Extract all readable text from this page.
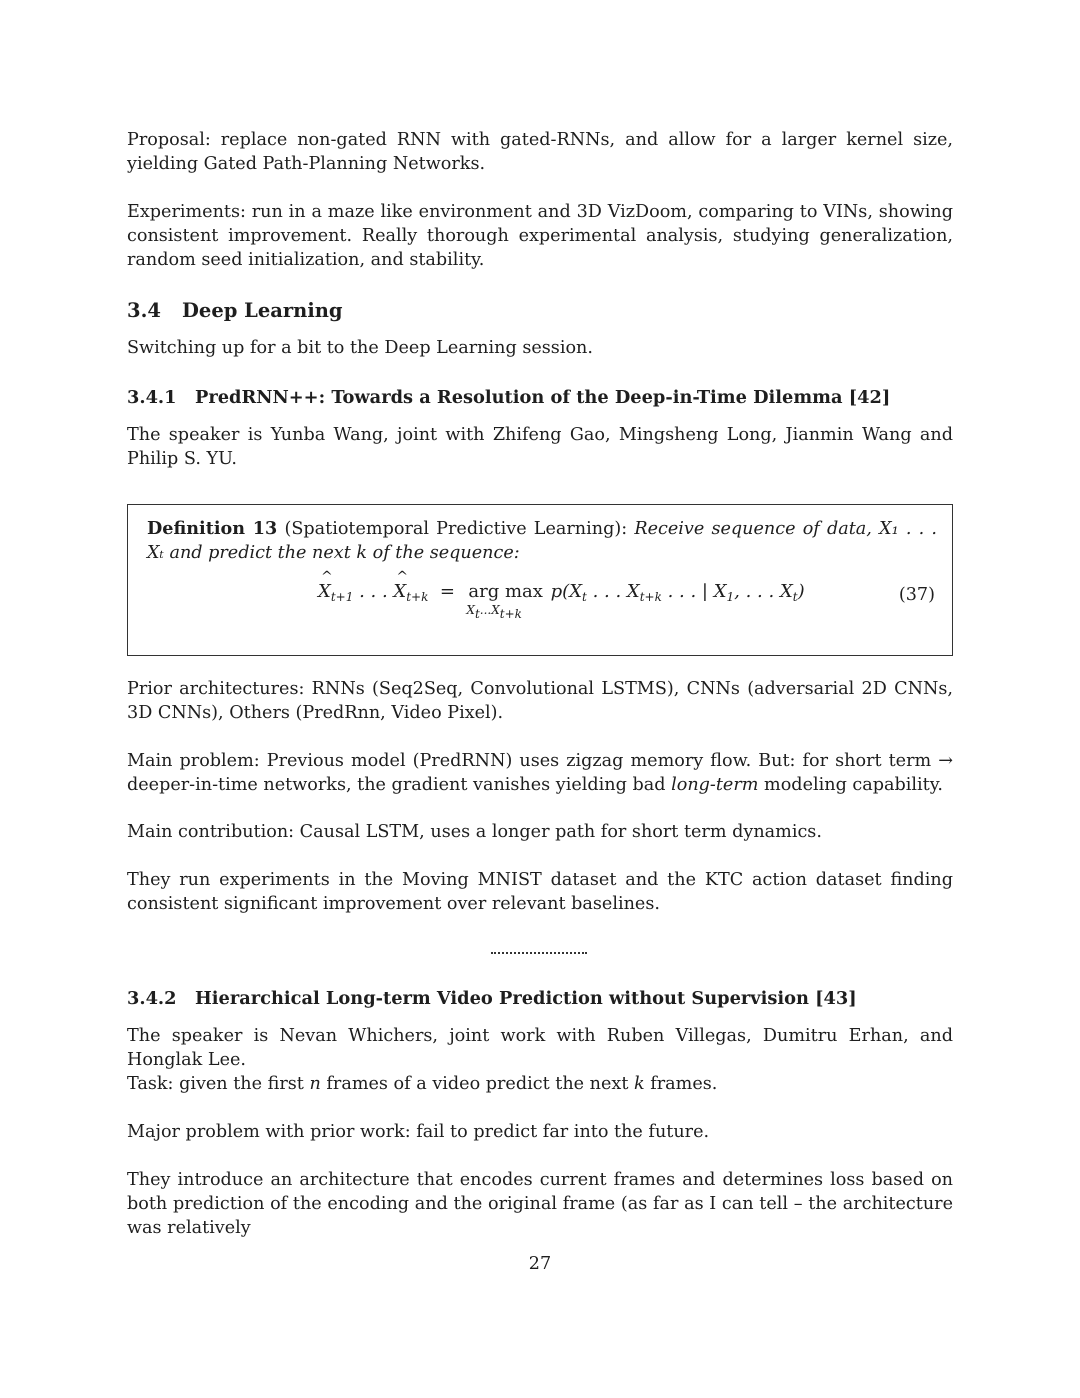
Proposal: replace non-gated RNN with gated-RNNs, and allow for a larger kernel size, yielding Gated Path-Planning Networks.

Experiments: run in a maze like environment and 3D VizDoom, comparing to VINs, showing consistent improvement. Really thorough experimental analysis, studying generalization, random seed initialization, and stability.

3.4 Deep Learning

Switching up for a bit to the Deep Learning session.

3.4.1 PredRNN++: Towards a Resolution of the Deep-in-Time Dilemma [42]

The speaker is Yunba Wang, joint with Zhifeng Gao, Mingsheng Long, Jianmin Wang and Philip S. YU.

Definition 13 (Spatiotemporal Predictive Learning): Receive sequence of data, X₁ . . . Xₜ and predict the next k of the sequence:
^ $X_{t+1}$ . . . ^ $X_{t+k}$  =  arg max
$X_t...X_{t+k}$
$p(X_t$ . . . $X_{t+k}$ . . . | $X_1$, . . . $X_t$)	(37)

Prior architectures: RNNs (Seq2Seq, Convolutional LSTMS), CNNs (adversarial 2D CNNs, 3D CNNs), Others (PredRnn, Video Pixel).

Main problem: Previous model (PredRNN) uses zigzag memory flow. But: for short term → deeper-in-time networks, the gradient vanishes yielding bad long-term modeling capability.

Main contribution: Causal LSTM, uses a longer path for short term dynamics.

They run experiments in the Moving MNIST dataset and the KTC action dataset finding consistent significant improvement over relevant baselines.

3.4.2 Hierarchical Long-term Video Prediction without Supervision [43]

The speaker is Nevan Whichers, joint work with Ruben Villegas, Dumitru Erhan, and Honglak Lee.

Task: given the first n frames of a video predict the next k frames.

Major problem with prior work: fail to predict far into the future.

They introduce an architecture that encodes current frames and determines loss based on both prediction of the encoding and the original frame (as far as I can tell – the architecture was relatively

27
